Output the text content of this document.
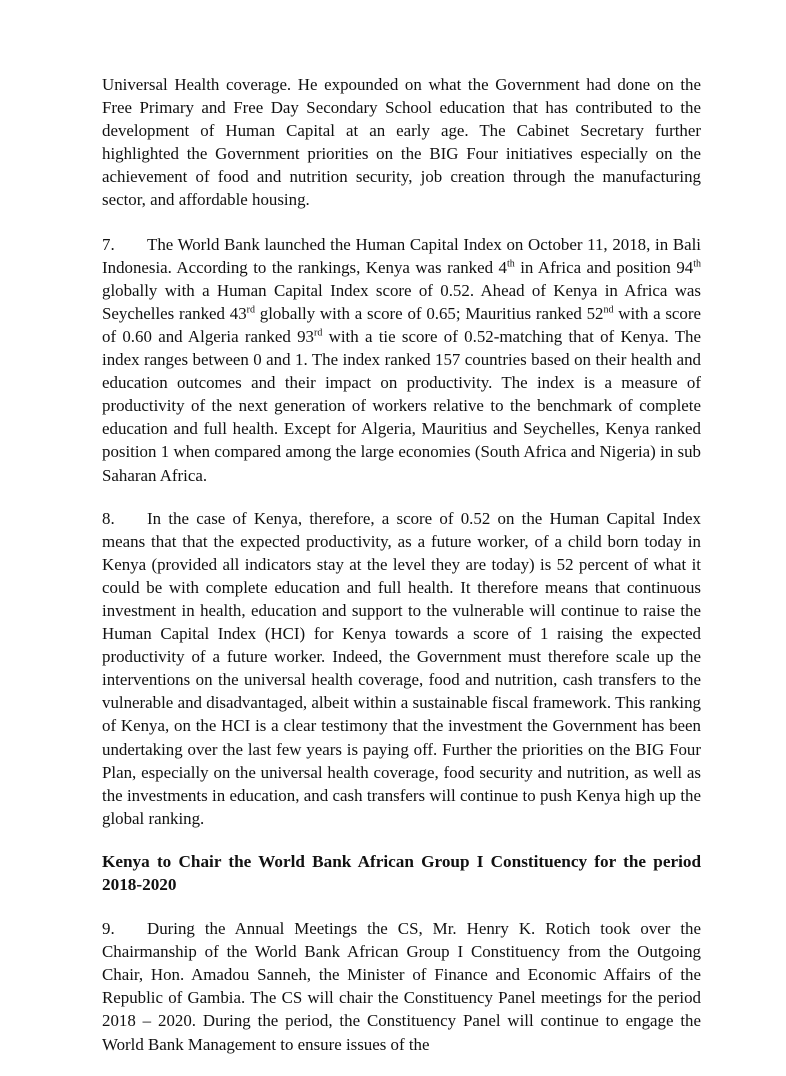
Universal Health coverage. He expounded on what the Government had done on the Free Primary and Free Day Secondary School education that has contributed to the development of Human Capital at an early age. The Cabinet Secretary further highlighted the Government priorities on the BIG Four initiatives especially on the achievement of food and nutrition security, job creation through the manufacturing sector, and affordable housing.

7. The World Bank launched the Human Capital Index on October 11, 2018, in Bali Indonesia. According to the rankings, Kenya was ranked 4th in Africa and position 94th globally with a Human Capital Index score of 0.52. Ahead of Kenya in Africa was Seychelles ranked 43rd globally with a score of 0.65; Mauritius ranked 52nd with a score of 0.60 and Algeria ranked 93rd with a tie score of 0.52-matching that of Kenya. The index ranges between 0 and 1. The index ranked 157 countries based on their health and education outcomes and their impact on productivity. The index is a measure of productivity of the next generation of workers relative to the benchmark of complete education and full health. Except for Algeria, Mauritius and Seychelles, Kenya ranked position 1 when compared among the large economies (South Africa and Nigeria) in sub Saharan Africa.

8. In the case of Kenya, therefore, a score of 0.52 on the Human Capital Index means that that the expected productivity, as a future worker, of a child born today in Kenya (provided all indicators stay at the level they are today) is 52 percent of what it could be with complete education and full health. It therefore means that continuous investment in health, education and support to the vulnerable will continue to raise the Human Capital Index (HCI) for Kenya towards a score of 1 raising the expected productivity of a future worker. Indeed, the Government must therefore scale up the interventions on the universal health coverage, food and nutrition, cash transfers to the vulnerable and disadvantaged, albeit within a sustainable fiscal framework. This ranking of Kenya, on the HCI is a clear testimony that the investment the Government has been undertaking over the last few years is paying off. Further the priorities on the BIG Four Plan, especially on the universal health coverage, food security and nutrition, as well as the investments in education, and cash transfers will continue to push Kenya high up the global ranking.

Kenya to Chair the World Bank African Group I Constituency for the period 2018-2020

9. During the Annual Meetings the CS, Mr. Henry K. Rotich took over the Chairmanship of the World Bank African Group I Constituency from the Outgoing Chair, Hon. Amadou Sanneh, the Minister of Finance and Economic Affairs of the Republic of Gambia. The CS will chair the Constituency Panel meetings for the period 2018 – 2020. During the period, the Constituency Panel will continue to engage the World Bank Management to ensure issues of the
